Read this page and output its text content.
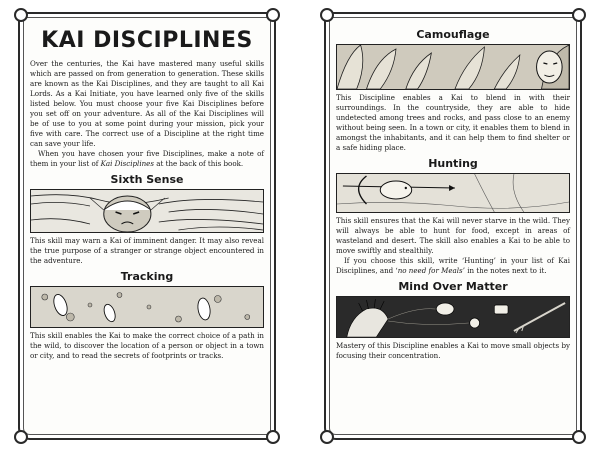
KAI DISCIPLINES

Over the centuries, the Kai have mastered many useful skills which are passed on from generation to generation. These skills are known as the Kai Disciplines, and they are taught to all Kai Lords. As a Kai Initiate, you have learned only five of the skills listed below. You must choose your five Kai Disciplines before you set off on your adventure. As all of the Kai Disciplines will be of use to you at some point during your mission, pick your five with care. The correct use of a Discipline at the right time can save your life.

When you have chosen your five Disciplines, make a note of them in your list of Kai Disciplines at the back of this book.

Sixth Sense

This skill may warn a Kai of imminent danger. It may also reveal the true purpose of a stranger or strange object encountered in the adventure.

Tracking

This skill enables the Kai to make the correct choice of a path in the wild, to discover the location of a person or object in a town or city, and to read the secrets of footprints or tracks.

Camouflage

This Discipline enables a Kai to blend in with their surroundings. In the countryside, they are able to hide undetected among trees and rocks, and pass close to an enemy without being seen. In a town or city, it enables them to blend in amongst the inhabitants, and it can help them to find shelter or a safe hiding place.

Hunting

This skill ensures that the Kai will never starve in the wild. They will always be able to hunt for food, except in areas of wasteland and desert. The skill also enables a Kai to be able to move swiftly and stealthily.

If you choose this skill, write ‘Hunting’ in your list of Kai Disciplines, and ‘no need for Meals’ in the notes next to it.

Mind Over Matter

Mastery of this Discipline enables a Kai to move small objects by focusing their concentration.
